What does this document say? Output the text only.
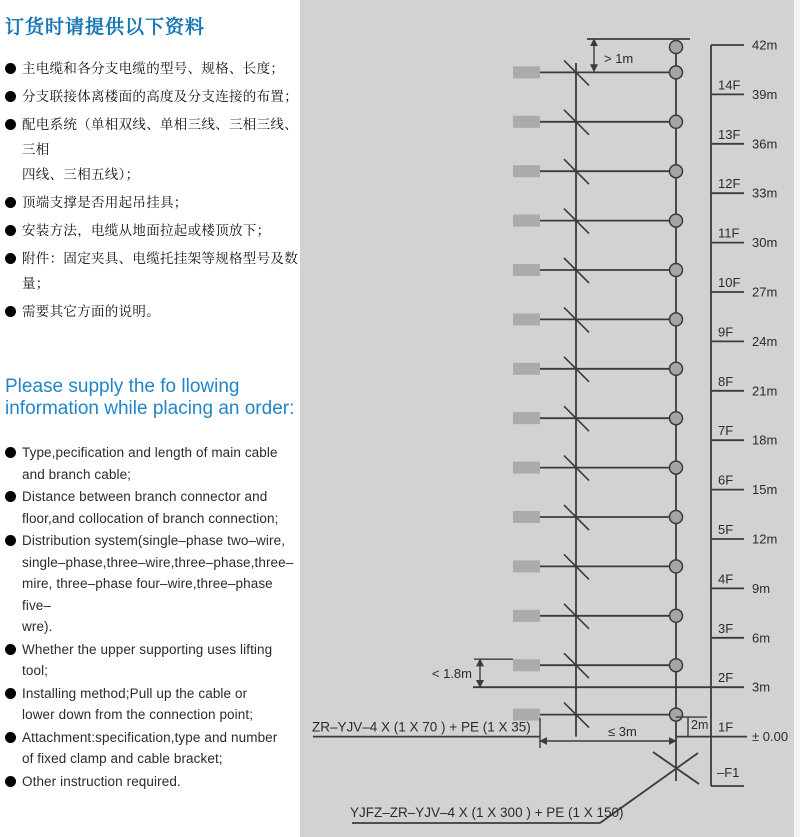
订货时请提供以下资料
主电缆和各分支电缆的型号、规格、长度；
分支联接体离楼面的高度及分支连接的布置；
配电系统（单相双线、单相三线、三相三线、三相
四线、三相五线）；
顶端支撑是否用起吊挂具；
安装方法，电缆从地面拉起或楼顶放下；
附件：固定夹具、电缆托挂架等规格型号及数量；
需要其它方面的说明。
Please supply the fo llowing
information while placing an order:
Type,pecification and length of main cable
and branch cable;
Distance between branch connector and
floor,and collocation of branch connection;
Distribution system(single–phase two–wire,
single–phase,three–wire,three–phase,three–
mire, three–phase four–wire,three–phase five–
wre).
Whether the upper supporting uses lifting
tool;
Installing method;Pull up the cable or
lower down from the connection point;
Attachment:specification,type and number
of fixed clamp and cable bracket;
Other instruction required.
42m
14F
39m
13F
36m
12F
33m
11F
30m
10F
27m
9F
24m
8F
21m
7F
18m
6F
15m
5F
12m
4F
9m
3F
6m
2F
3m
1F
± 0.00
–F1
> 1m
< 1.8m
ZR–YJV–4 X (1 X 70 ) + PE (1 X 35)	≤ 3m	2m
YJFZ–ZR–YJV–4 X (1 X 300 ) + PE (1 X 150)
